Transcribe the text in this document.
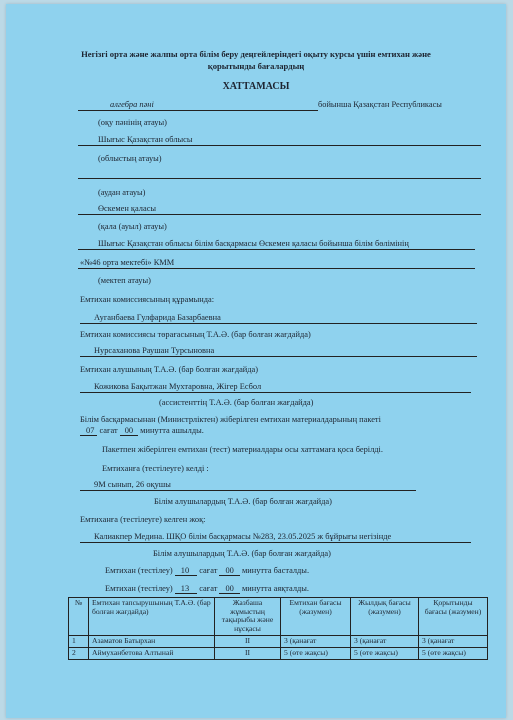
Негізгі орта және жалпы орта білім беру деңгейлеріндегі оқыту курсы үшін емтихан және
қорытынды бағалардың
ХАТТАМАСЫ
алгебра пәні	бойынша Қазақстан Республикасы
(оқу пәнінің атауы)
Шығыс Қазақстан облысы
(облыстың атауы)
(аудан атауы)
Өскемен қаласы
(қала (ауыл) атауы)
Шығыс Қазақстан облысы білім басқармасы Өскемен қаласы бойынша білім бөлімінің
«№46 орта мектебі» КММ
(мектеп атауы)
Емтихан комиссиясының құрамында:
Ауганбаева Гулфарида Базарбаевна
Емтихан комиссиясы төрағасының Т.А.Ә. (бар болған жағдайда)
Нурсаханова Раушан Турсыновна
Емтихан алушының Т.А.Ә. (бар болған жағдайда)
Кожикова Бақытжан Мухтаровна, Жігер Есбол
(ассистенттің Т.А.Ә. (бар болған жағдайда)
Білім басқармасынан (Министрліктен) жіберілген емтихан материалдарының пакеті
07 сағат 00 минутта ашылды.
Пакетпен жіберілген емтихан (тест) материалдары осы хаттамаға қоса берілді.
Емтиханға (тестілеуге) келді :
9М сынып, 26 оқушы
Білім алушылардың Т.А.Ә. (бар болған жағдайда)
Емтиханға (тестілеуге) келген жоқ:
Калиакпер Медина. ШҚО білім басқармасы №283, 23.05.2025 ж бұйрығы негізінде
Білім алушылардың Т.А.Ә. (бар болған жағдайда)
Емтихан (тестілеу) 10 сағат 00 минутта басталды.
Емтихан (тестілеу) 13 сағат 00 минутта аяқталды.
№	Емтихан тапсырушының Т.А.Ә. (бар болған жағдайда)	Жазбаша жұмыстың тақырыбы және нұсқасы	Емтихан бағасы (жазумен)	Жылдық бағасы (жазумен)	Қорытынды бағасы (жазумен)
1	Азаматов Батырхан	II	3 (қанағат	3 (қанағат	3 (қанағат
2	Аймуханбетова Алтынай	II	5 (өте жақсы)	5 (өте жақсы)	5 (өте жақсы)
